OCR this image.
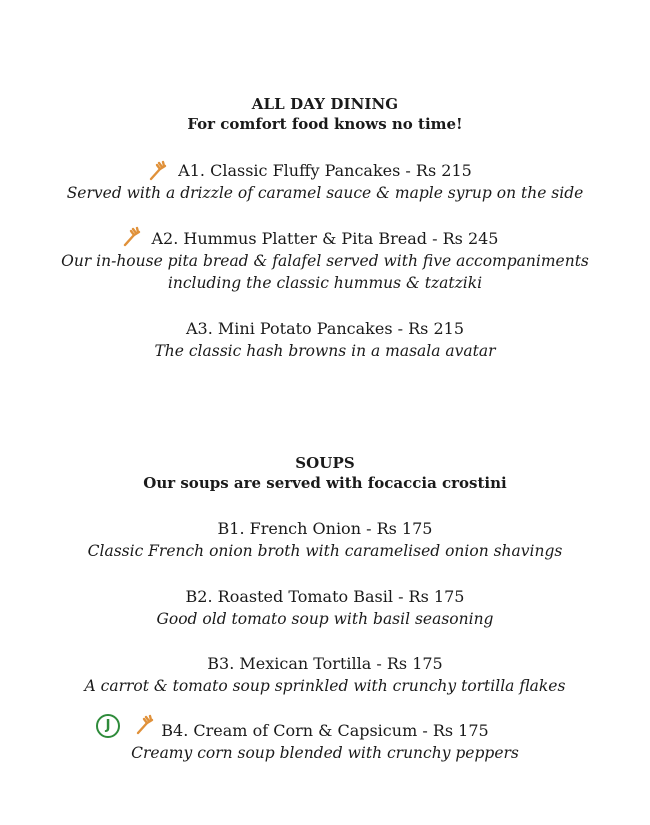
ALL DAY DINING
For comfort food knows no time!
A1. Classic Fluffy Pancakes - Rs 215
Served with a drizzle of caramel sauce & maple syrup on the side
A2. Hummus Platter & Pita Bread - Rs 245
Our in-house pita bread & falafel served with five accompaniments
including the classic hummus & tzatziki
A3. Mini Potato Pancakes - Rs 215
The classic hash browns in a masala avatar
SOUPS
Our soups are served with focaccia crostini
B1. French Onion - Rs 175
Classic French onion broth with caramelised onion shavings
B2. Roasted Tomato Basil - Rs 175
Good old tomato soup with basil seasoning
B3. Mexican Tortilla - Rs 175
A carrot & tomato soup sprinkled with crunchy tortilla flakes
J	B4. Cream of Corn & Capsicum - Rs 175
Creamy corn soup blended with crunchy peppers
